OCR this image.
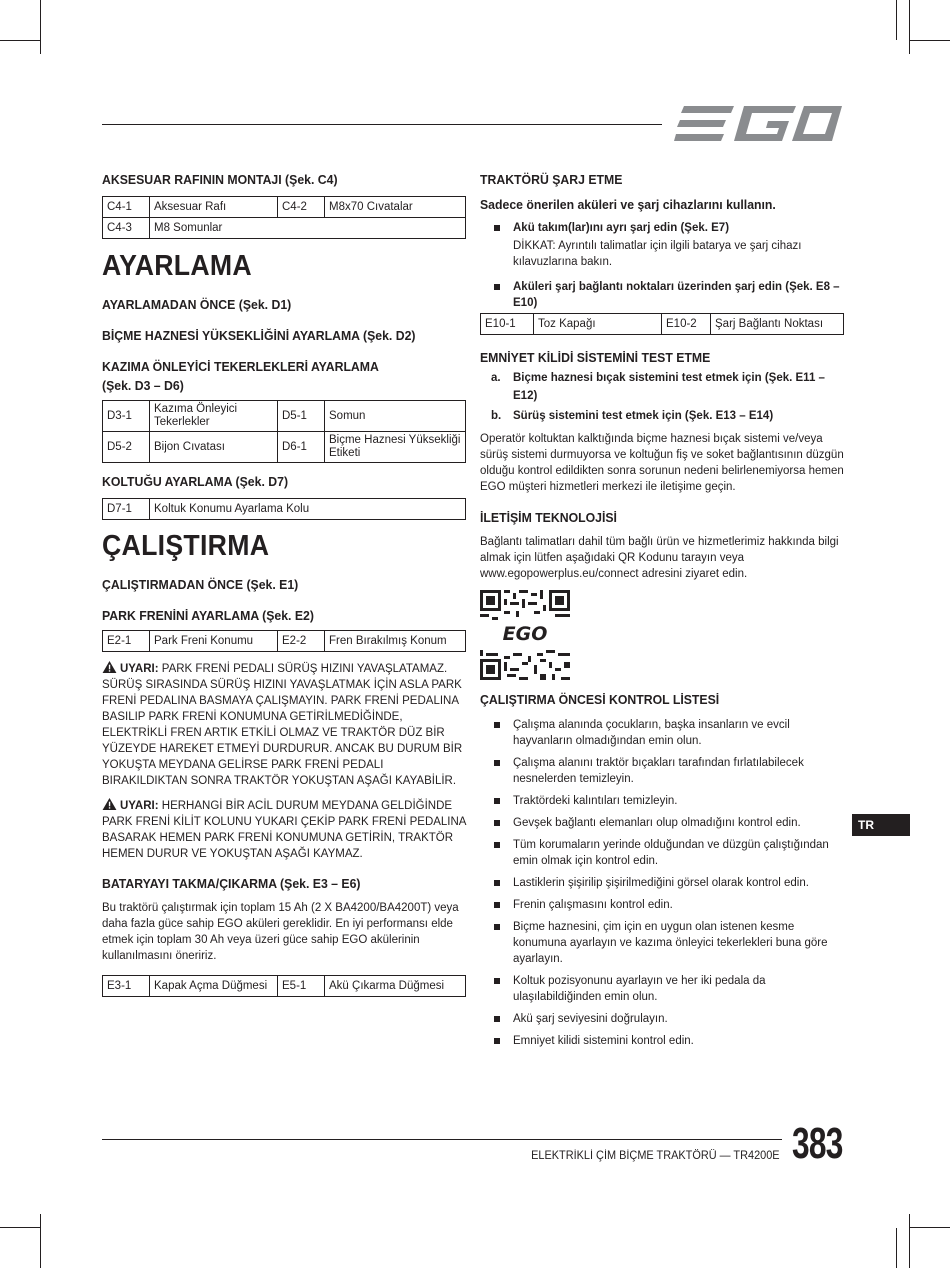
AKSESUAR RAFININ MONTAJI (Şek. C4)
C4-1	Aksesuar Rafı	C4-2	M8x70 Cıvatalar
C4-3	M8 Somunlar		
AYARLAMA
AYARLAMADAN ÖNCE (Şek. D1)
BİÇME HAZNESİ YÜKSEKLİĞİNİ AYARLAMA (Şek. D2)
KAZIMA ÖNLEYİCİ TEKERLEKLERİ AYARLAMA
(Şek. D3 – D6)
D3-1	Kazıma Önleyici Tekerlekler	D5-1	Somun
D5-2	Bijon Cıvatası	D6-1	Biçme Haznesi Yüksekliği Etiketi
KOLTUĞU AYARLAMA (Şek. D7)
D7-1	Koltuk Konumu Ayarlama Kolu
ÇALIŞTIRMA
ÇALIŞTIRMADAN ÖNCE (Şek. E1)
PARK FRENİNİ AYARLAMA (Şek. E2)
E2-1	Park Freni Konumu	E2-2	Fren Bırakılmış Konum

UYARI: PARK FRENİ PEDALI SÜRÜŞ HIZINI YAVAŞLATAMAZ. SÜRÜŞ SIRASINDA SÜRÜŞ HIZINI YAVAŞLATMAK İÇİN ASLA PARK FRENİ PEDALINA BASMAYA ÇALIŞMAYIN. PARK FRENİ PEDALINA BASILIP PARK FRENİ KONUMUNA GETİRİLMEDİĞİNDE, ELEKTRİKLİ FREN ARTIK ETKİLİ OLMAZ VE TRAKTÖR DÜZ BİR YÜZEYDE HAREKET ETMEYİ DURDURUR. ANCAK BU DURUM BİR YOKUŞTA MEYDANA GELİRSE PARK FRENİ PEDALI BIRAKILDIKTAN SONRA TRAKTÖR YOKUŞTAN AŞAĞI KAYABİLİR.

UYARI: HERHANGİ BİR ACİL DURUM MEYDANA GELDİĞİNDE PARK FRENİ KİLİT KOLUNU YUKARI ÇEKİP PARK FRENİ PEDALINA BASARAK HEMEN PARK FRENİ KONUMUNA GETİRİN, TRAKTÖR HEMEN DURUR VE YOKUŞTAN AŞAĞI KAYMAZ.

BATARYAYI TAKMA/ÇIKARMA (Şek. E3 – E6)

Bu traktörü çalıştırmak için toplam 15 Ah (2 X BA4200/BA4200T) veya daha fazla güce sahip EGO aküleri gereklidir. En iyi performansı elde etmek için toplam 30 Ah veya üzeri güce sahip EGO akülerinin kullanılmasını öneririz.

E3-1	Kapak Açma Düğmesi	E5-1	Akü Çıkarma Düğmesi
TRAKTÖRÜ ŞARJ ETME
Sadece önerilen aküleri ve şarj cihazlarını kullanın.
Akü takım(lar)ını ayrı şarj edin (Şek. E7)

DİKKAT: Ayrıntılı talimatlar için ilgili batarya ve şarj cihazı kılavuzlarına bakın.

Aküleri şarj bağlantı noktaları üzerinden şarj edin (Şek. E8 – E10)
E10-1	Toz Kapağı	E10-2	Şarj Bağlantı Noktası
EMNİYET KİLİDİ SİSTEMİNİ TEST ETME
a. Biçme haznesi bıçak sistemini test etmek için (Şek. E11 – E12)
b. Sürüş sistemini test etmek için (Şek. E13 – E14)

Operatör koltuktan kalktığında biçme haznesi bıçak sistemi ve/veya sürüş sistemi durmuyorsa ve koltuğun fiş ve soket bağlantısının düzgün olduğu kontrol edildikten sonra sorunun nedeni belirlenemiyorsa hemen EGO müşteri hizmetleri merkezi ile iletişime geçin.

İLETİŞİM TEKNOLOJİSİ

Bağlantı talimatları dahil tüm bağlı ürün ve hizmetlerimiz hakkında bilgi almak için lütfen aşağıdaki QR Kodunu tarayın veya www.egopowerplus.eu/connect adresini ziyaret edin.

EGO
ÇALIŞTIRMA ÖNCESİ KONTROL LİSTESİ
Çalışma alanında çocukların, başka insanların ve evcil hayvanların olmadığından emin olun.
Çalışma alanını traktör bıçakları tarafından fırlatılabilecek nesnelerden temizleyin.
Traktördeki kalıntıları temizleyin.
Gevşek bağlantı elemanları olup olmadığını kontrol edin.
Tüm korumaların yerinde olduğundan ve düzgün çalıştığından emin olmak için kontrol edin.
Lastiklerin şişirilip şişirilmediğini görsel olarak kontrol edin.
Frenin çalışmasını kontrol edin.
Biçme haznesini, çim için en uygun olan istenen kesme konumuna ayarlayın ve kazıma önleyici tekerlekleri buna göre ayarlayın.
Koltuk pozisyonunu ayarlayın ve her iki pedala da ulaşılabildiğinden emin olun.
Akü şarj seviyesini doğrulayın.
Emniyet kilidi sistemini kontrol edin.
TR
ELEKTRİKLİ ÇİM BİÇME TRAKTÖRÜ — TR4200E 383
